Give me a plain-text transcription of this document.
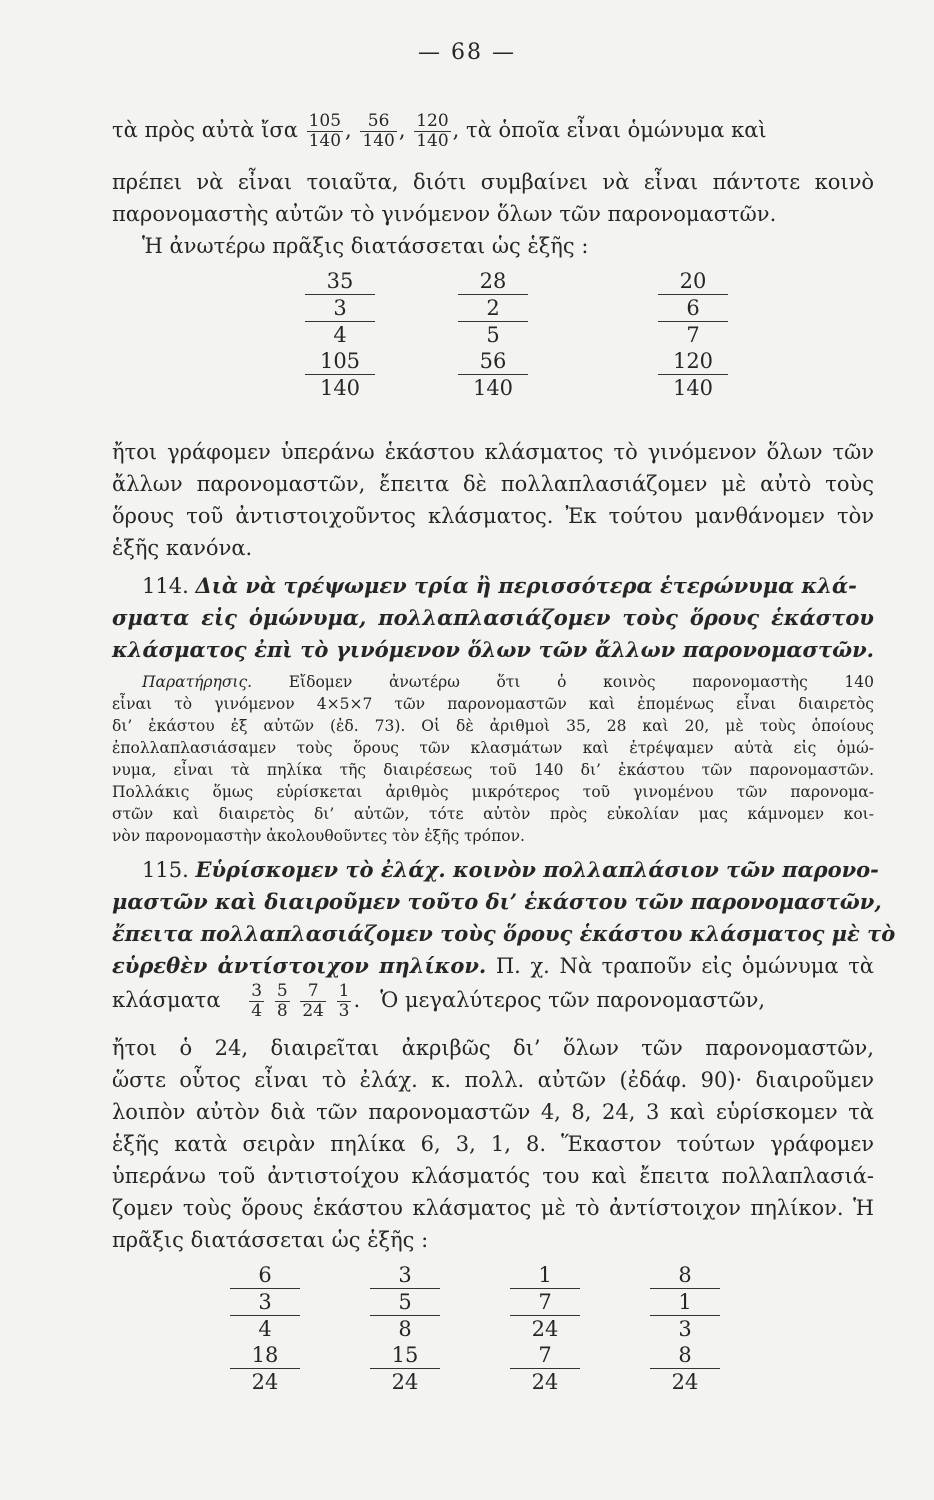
— 68 —
τὰ πρὸς αὐτὰ ἴσα $\frac{105}{140}$ , $\frac{56}{140}$ , $\frac{120}{140}$ , τὰ ὁποῖα εἶναι ὁμώνυμα καὶ
πρέπει νὰ εἶναι τοιαῦτα, διότι συμβαίνει νὰ εἶναι πάντοτε κοινὸ
παρονομαστὴς αὐτῶν τὸ γινόμενον ὅλων τῶν παρονομαστῶν.
Ἡ ἀνωτέρω πρᾶξις διατάσσεται ὡς ἑξῆς :
35
3
4
105
140
28
2
5
56
140
20
6
7
120
140
ἤτοι γράφομεν ὑπεράνω ἑκάστου κλάσματος τὸ γινόμενον ὅλων τῶν
ἄλλων παρονομαστῶν, ἔπειτα δὲ πολλαπλασιάζομεν μὲ αὐτὸ τοὺς
ὅρους τοῦ ἀντιστοιχοῦντος κλάσματος. Ἐκ τούτου μανθάνομεν τὸν
ἑξῆς κανόνα.
114. Διὰ νὰ τρέψωμεν τρία ἢ περισσότερα ἑτερώνυμα κλά-
σματα εἰς ὁμώνυμα, πολλαπλασιάζομεν τοὺς ὅρους ἑκάστου
κλάσματος ἐπὶ τὸ γινόμενον ὅλων τῶν ἄλλων παρονομαστῶν.
Παρατήρησις. Εἴδομεν ἀνωτέρω ὅτι ὁ κοινὸς παρονομαστὴς 140
εἶναι τὸ γινόμενον 4×5×7 τῶν παρονομαστῶν καὶ ἑπομένως εἶναι διαιρετὸς
δι’ ἑκάστου ἐξ αὐτῶν (ἐδ. 73). Οἱ δὲ ἀριθμοὶ 35, 28 καὶ 20, μὲ τοὺς ὁποίους
ἐπολλαπλασιάσαμεν τοὺς ὅρους τῶν κλασμάτων καὶ ἐτρέψαμεν αὐτὰ εἰς ὁμώ-
νυμα, εἶναι τὰ πηλίκα τῆς διαιρέσεως τοῦ 140 δι’ ἑκάστου τῶν παρονομαστῶν.
Πολλάκις ὅμως εὑρίσκεται ἀριθμὸς μικρότερος τοῦ γινομένου τῶν παρονομα-
στῶν καὶ διαιρετὸς δι’ αὐτῶν, τότε αὐτὸν πρὸς εὐκολίαν μας κάμνομεν κοι-
νὸν παρονομαστὴν ἀκολουθοῦντες τὸν ἑξῆς τρόπον.
115. Εὑρίσκομεν τὸ ἐλάχ. κοινὸν πολλαπλάσιον τῶν παρονο-
μαστῶν καὶ διαιροῦμεν τοῦτο δι’ ἑκάστου τῶν παρονομαστῶν,
ἔπειτα πολλαπλασιάζομεν τοὺς ὅρους ἑκάστου κλάσματος μὲ τὸ
εὑρεθὲν ἀντίστοιχον πηλίκον. Π. χ. Νὰ τραποῦν εἰς ὁμώνυμα τὰ
κλάσματα $\frac{3}{4}$
$\frac{5}{8}$
$\frac{7}{24}$
$\frac{1}{3}$ .   Ὁ μεγαλύτερος τῶν παρονομαστῶν,
ἤτοι ὁ 24, διαιρεῖται ἀκριβῶς δι’ ὅλων τῶν παρονομαστῶν,
ὥστε οὗτος εἶναι τὸ ἐλάχ. κ. πολλ. αὐτῶν (ἐδάφ. 90)· διαιροῦμεν
λοιπὸν αὐτὸν διὰ τῶν παρονομαστῶν 4, 8, 24, 3 καὶ εὑρίσκομεν τὰ
ἑξῆς κατὰ σειρὰν πηλίκα 6, 3, 1, 8. Ἕκαστον τούτων γράφομεν
ὑπεράνω τοῦ ἀντιστοίχου κλάσματός του καὶ ἔπειτα πολλαπλασιά-
ζομεν τοὺς ὅρους ἑκάστου κλάσματος μὲ τὸ ἀντίστοιχον πηλίκον. Ἡ
πρᾶξις διατάσσεται ὡς ἑξῆς :
6
3
4
18
24
3
5
8
15
24
1
7
24
7
24
8
1
3
8
24
